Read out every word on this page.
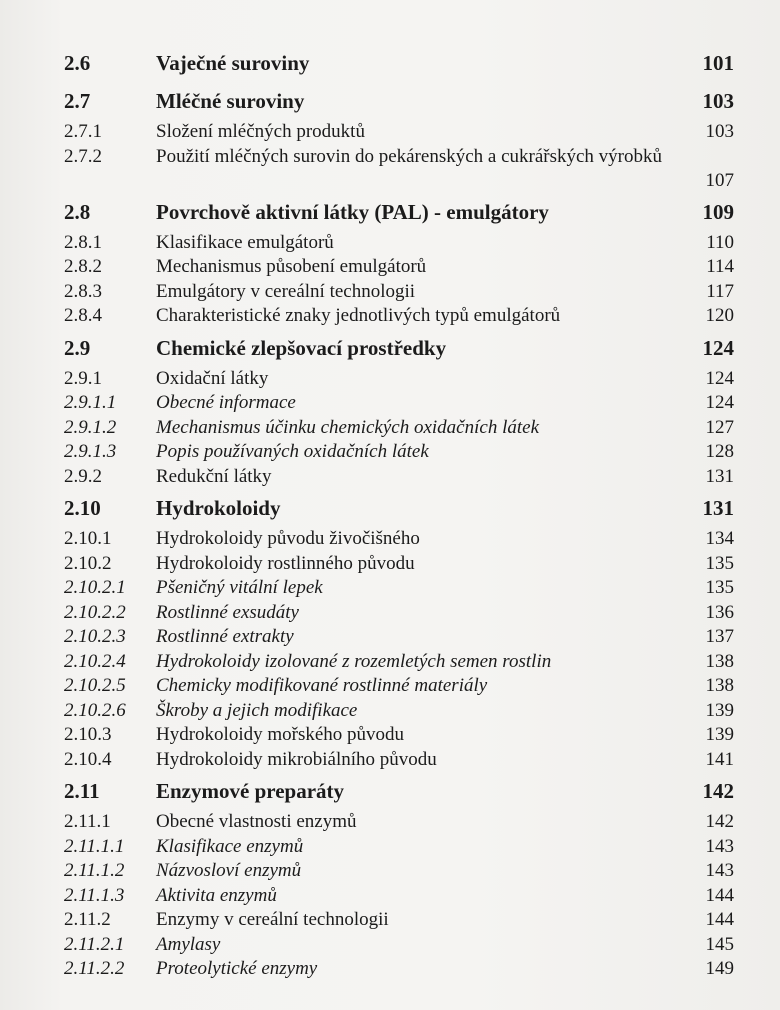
2.6	Vaječné suroviny	101
2.7	Mléčné suroviny	103
2.7.1	Složení mléčných produktů	103
2.7.2	Použití mléčných surovin do pekárenských a cukrářských výrobků
107
2.8	Povrchově aktivní látky (PAL) - emulgátory	109
2.8.1	Klasifikace emulgátorů	110
2.8.2	Mechanismus působení emulgátorů	114
2.8.3	Emulgátory v cereální technologii	117
2.8.4	Charakteristické znaky jednotlivých typů emulgátorů	120
2.9	Chemické zlepšovací prostředky	124
2.9.1	Oxidační látky	124
2.9.1.1 Obecné informace	124
2.9.1.2 Mechanismus účinku chemických oxidačních látek	127
2.9.1.3 Popis používaných oxidačních látek	128
2.9.2	Redukční látky	131
2.10	Hydrokoloidy	131
2.10.1 Hydrokoloidy původu živočišného	134
2.10.2 Hydrokoloidy rostlinného původu	135
2.10.2.1 Pšeničný vitální lepek	135
2.10.2.2 Rostlinné exsudáty	136
2.10.2.3 Rostlinné extrakty	137
2.10.2.4 Hydrokoloidy izolované z rozemletých semen rostlin	138
2.10.2.5 Chemicky modifikované rostlinné materiály	138
2.10.2.6 Škroby a jejich modifikace	139
2.10.3 Hydrokoloidy mořského původu	139
2.10.4 Hydrokoloidy mikrobiálního původu	141
2.11	Enzymové preparáty	142
2.11.1 Obecné vlastnosti enzymů	142
2.11.1.1 Klasifikace enzymů	143
2.11.1.2 Názvosloví enzymů	143
2.11.1.3 Aktivita enzymů	144
2.11.2 Enzymy v cereální technologii	144
2.11.2.1 Amylasy	145
2.11.2.2 Proteolytické enzymy	149
